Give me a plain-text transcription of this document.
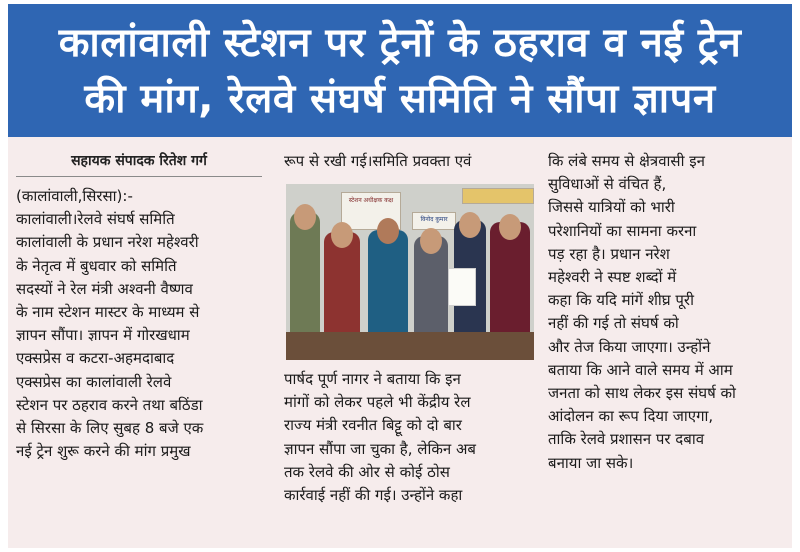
कालांवाली स्टेशन पर ट्रेनों के ठहराव व नई ट्रेन
की मांग, रेलवे संघर्ष समिति ने सौंपा ज्ञापन

सहायक संपादक रितेश गर्ग

(कालांवाली,सिरसा):-

कालांवाली।रेलवे संघर्ष समिति

कालांवाली के प्रधान नरेश महेश्वरी

के नेतृत्व में बुधवार को समिति

सदस्यों ने रेल मंत्री अश्वनी वैष्णव

के नाम स्टेशन मास्टर के माध्यम से

ज्ञापन सौंपा। ज्ञापन में गोरखधाम

एक्सप्रेस व कटरा-अहमदाबाद

एक्सप्रेस का कालांवाली रेलवे

स्टेशन पर ठहराव करने तथा बठिंडा

से सिरसा के लिए सुबह 8 बजे एक

नई ट्रेन शुरू करने की मांग प्रमुख

रूप से रखी गई।समिति प्रवक्ता एवं

स्टेशन अधीक्षक कक्ष
विनोद कुमार

पार्षद पूर्ण नागर ने बताया कि इन

मांगों को लेकर पहले भी केंद्रीय रेल

राज्य मंत्री रवनीत बिट्टू को दो बार

ज्ञापन सौंपा जा चुका है, लेकिन अब

तक रेलवे की ओर से कोई ठोस

कार्रवाई नहीं की गई। उन्होंने कहा

कि लंबे समय से क्षेत्रवासी इन

सुविधाओं से वंचित हैं,

जिससे यात्रियों को भारी

परेशानियों का सामना करना

पड़ रहा है। प्रधान नरेश

महेश्वरी ने स्पष्ट शब्दों में

कहा कि यदि मांगें शीघ्र पूरी

नहीं की गई तो संघर्ष को

और तेज किया जाएगा। उन्होंने

बताया कि आने वाले समय में आम

जनता को साथ लेकर इस संघर्ष को

आंदोलन का रूप दिया जाएगा,

ताकि रेलवे प्रशासन पर दबाव

बनाया जा सके।
